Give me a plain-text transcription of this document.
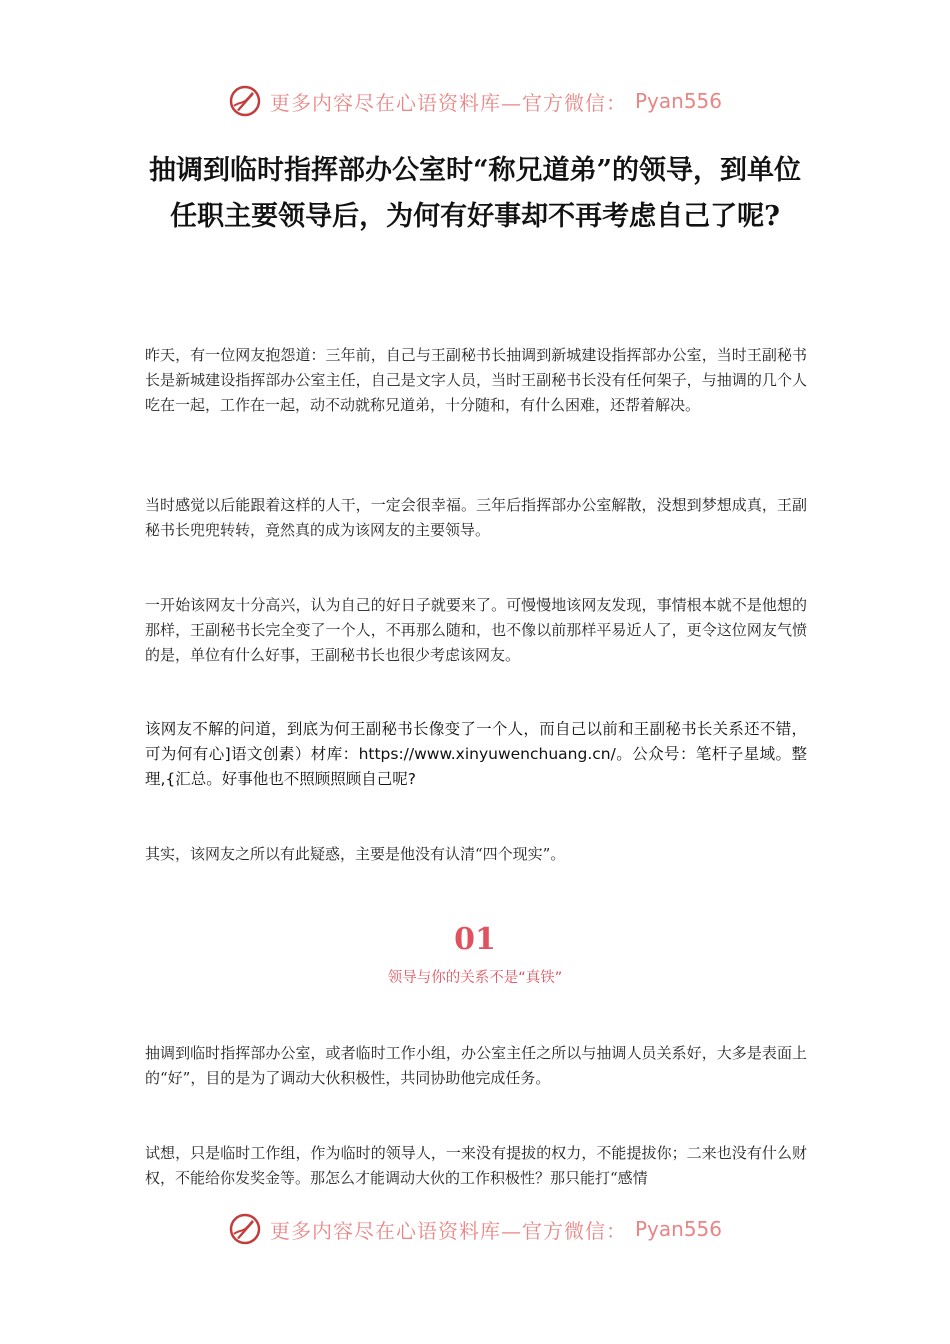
更多内容尽在心语资料库—官方微信： Pyan556
抽调到临时指挥部办公室时“称兄道弟”的领导，到单位任职主要领导后，为何有好事却不再考虑自己了呢?

昨天，有一位网友抱怨道：三年前，自己与王副秘书长抽调到新城建设指挥部办公室，当时王副秘书长是新城建设指挥部办公室主任，自己是文字人员，当时王副秘书长没有任何架子，与抽调的几个人吃在一起，工作在一起，动不动就称兄道弟，十分随和，有什么困难，还帮着解决。

当时感觉以后能跟着这样的人干，一定会很幸福。三年后指挥部办公室解散，没想到梦想成真，王副秘书长兜兜转转，竟然真的成为该网友的主要领导。

一开始该网友十分高兴，认为自己的好日子就要来了。可慢慢地该网友发现，事情根本就不是他想的那样，王副秘书长完全变了一个人，不再那么随和，也不像以前那样平易近人了，更令这位网友气愤的是，单位有什么好事，王副秘书长也很少考虑该网友。

该网友不解的问道，到底为何王副秘书长像变了一个人，而自己以前和王副秘书长关系还不错，可为何有心]语文创素）材库：https://www.xinyuwenchuang.cn/。公众号：笔杆子星域。整理,{汇总。好事他也不照顾照顾自己呢?

其实，该网友之所以有此疑惑，主要是他没有认清“四个现实”。

01
领导与你的关系不是“真铁”

抽调到临时指挥部办公室，或者临时工作小组，办公室主任之所以与抽调人员关系好，大多是表面上的“好”，目的是为了调动大伙积极性，共同协助他完成任务。

试想，只是临时工作组，作为临时的领导人，一来没有提拔的权力，不能提拔你；二来也没有什么财权，不能给你发奖金等。那怎么才能调动大伙的工作积极性？那只能打“感情

更多内容尽在心语资料库—官方微信： Pyan556
